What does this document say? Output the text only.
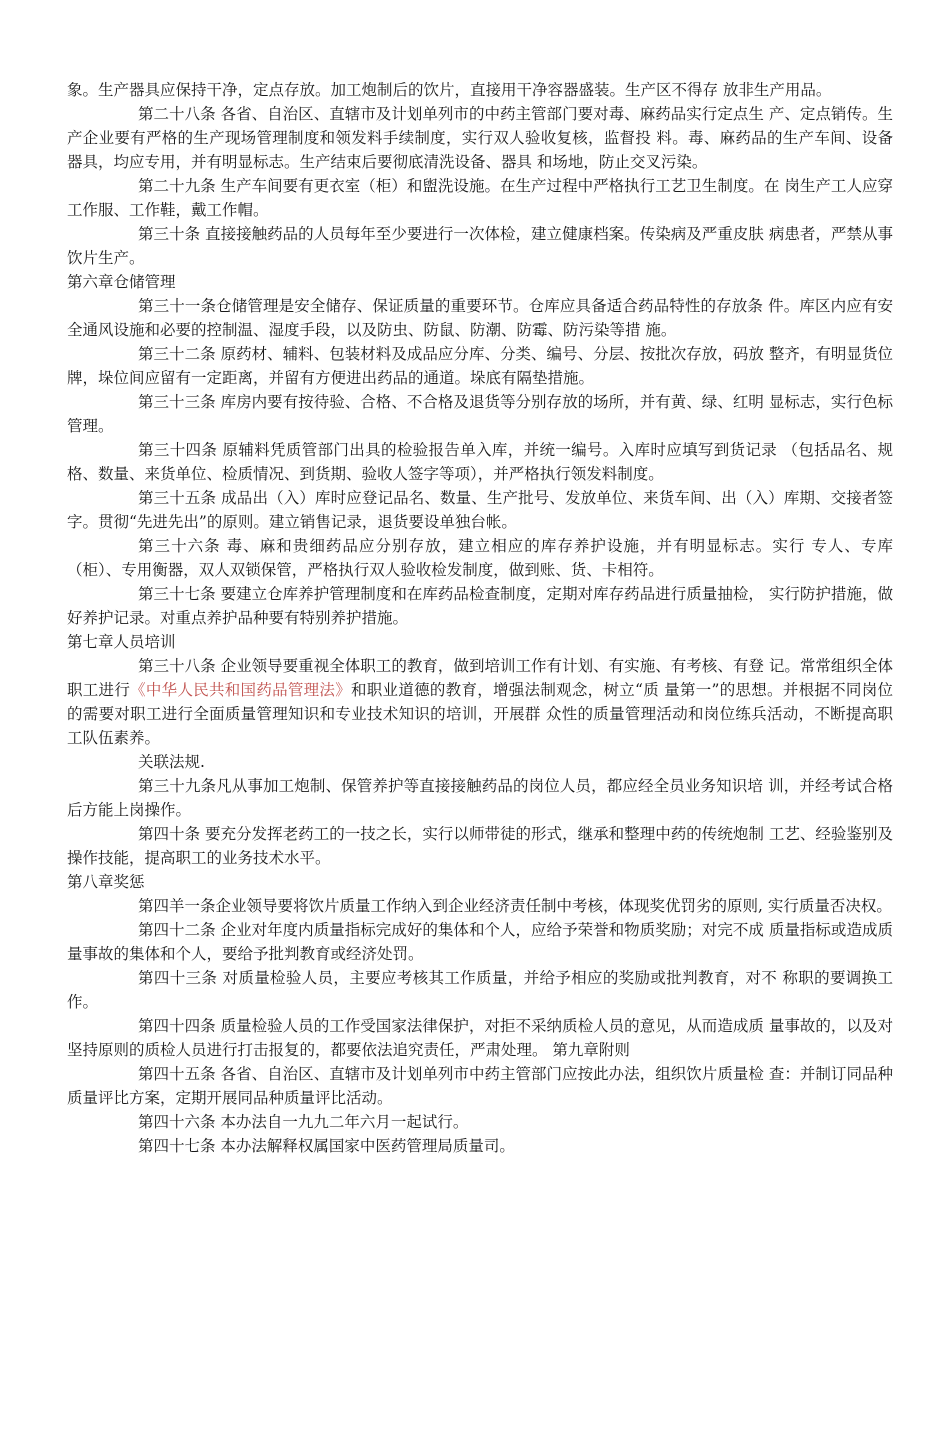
象。生产器具应保持干净，定点存放。加工炮制后的饮片，直接用干净容器盛装。生产区不得存 放非生产用品。

第二十八条 各省、自治区、直辖市及计划单列市的中药主管部门要对毒、麻药品实行定点生 产、定点销传。生产企业要有严格的生产现场管理制度和领发料手续制度，实行双人验收复核，监督投 料。毒、麻药品的生产车间、设备器具，均应专用，并有明显标志。生产结束后要彻底清洗设备、器具 和场地，防止交叉污染。

第二十九条 生产车间要有更衣室（柜）和盥洗设施。在生产过程中严格执行工艺卫生制度。在 岗生产工人应穿工作服、工作鞋，戴工作帽。

第三十条 直接接触药品的人员每年至少要进行一次体检，建立健康档案。传染病及严重皮肤 病患者，严禁从事饮片生产。

第六章仓储管理

第三十一条仓储管理是安全储存、保证质量的重要环节。仓库应具备适合药品特性的存放条 件。库区内应有安全通风设施和必要的控制温、湿度手段，以及防虫、防鼠、防潮、防霉、防污染等措 施。

第三十二条 原药材、辅料、包装材料及成品应分库、分类、编号、分层、按批次存放，码放 整齐，有明显货位牌，垛位间应留有一定距离，并留有方便进出药品的通道。垛底有隔垫措施。

第三十三条 库房内要有按待验、合格、不合格及退货等分别存放的场所，并有黄、绿、红明 显标志，实行色标管理。

第三十四条 原辅料凭质管部门出具的检验报告单入库，并统一编号。入库时应填写到货记录 （包括品名、规格、数量、来货单位、检质情况、到货期、验收人签字等项），并严格执行领发料制度。

第三十五条 成品出（入）库时应登记品名、数量、生产批号、发放单位、来货车间、出（入）库期、交接者签字。贯彻“先进先出”的原则。建立销售记录，退货要设单独台帐。

第三十六条 毒、麻和贵细药品应分别存放，建立相应的库存养护设施，并有明显标志。实行 专人、专库（柜）、专用衡器，双人双锁保管，严格执行双人验收检发制度，做到账、货、卡相符。

第三十七条 要建立仓库养护管理制度和在库药品检查制度，定期对库存药品进行质量抽检， 实行防护措施，做好养护记录。对重点养护品种要有特别养护措施。

第七章人员培训

第三十八条 企业领导要重视全体职工的教育，做到培训工作有计划、有实施、有考核、有登 记。常常组织全体职工进行《中华人民共和国药品管理法》和职业道德的教育，增强法制观念，树立“质 量第一”的思想。并根据不同岗位的需要对职工进行全面质量管理知识和专业技术知识的培训，开展群 众性的质量管理活动和岗位练兵活动，不断提高职工队伍素养。

关联法规.

第三十九条凡从事加工炮制、保管养护等直接接触药品的岗位人员，都应经全员业务知识培 训，并经考试合格后方能上岗操作。

第四十条 要充分发挥老药工的一技之长，实行以师带徒的形式，继承和整理中药的传统炮制 工艺、经验鉴别及操作技能，提高职工的业务技术水平。

第八章奖惩

第四羊一条企业领导要将饮片质量工作纳入到企业经济责任制中考核，体现奖优罚劣的原则, 实行质量否决权。

第四十二条 企业对年度内质量指标完成好的集体和个人，应给予荣誉和物质奖励；对完不成 质量指标或造成质量事故的集体和个人，要给予批判教育或经济处罚。

第四十三条 对质量检验人员，主要应考核其工作质量，并给予相应的奖励或批判教育，对不 称职的要调换工作。

第四十四条 质量检验人员的工作受国家法律保护，对拒不采纳质检人员的意见，从而造成质 量事故的，以及对坚持原则的质检人员进行打击报复的，都要依法追究责任，严肃处理。 第九章附则

第四十五条 各省、自治区、直辖市及计划单列市中药主管部门应按此办法，组织饮片质量检 查：并制订同品种质量评比方案，定期开展同品种质量评比活动。

第四十六条 本办法自一九九二年六月一起试行。

第四十七条 本办法解释权属国家中医药管理局质量司。
